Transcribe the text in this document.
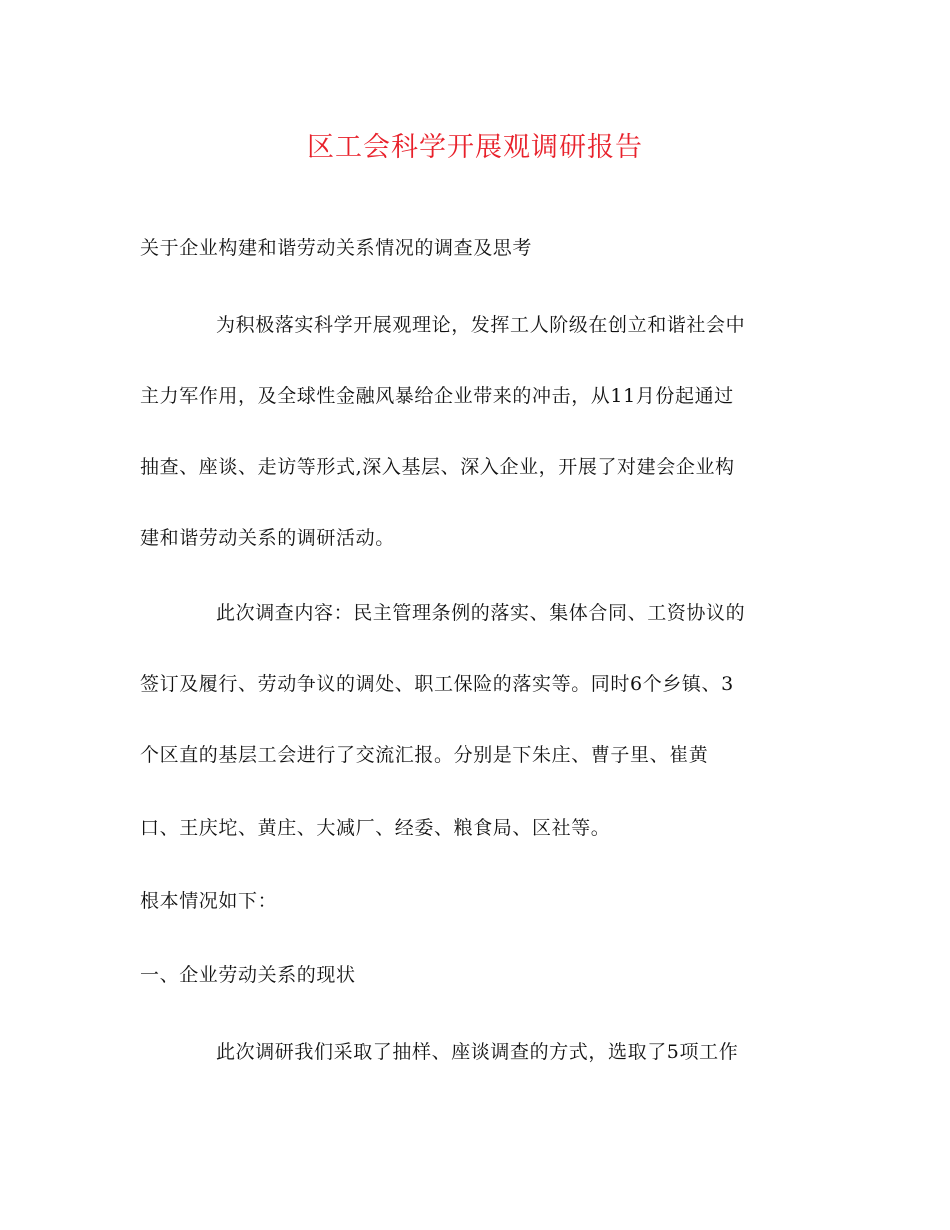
区工会科学开展观调研报告
关于企业构建和谐劳动关系情况的调查及思考
为积极落实科学开展观理论，发挥工人阶级在创立和谐社会中
主力军作用，及全球性金融风暴给企业带来的冲击，从11月份起通过
抽查、座谈、走访等形式,深入基层、深入企业，开展了对建会企业构
建和谐劳动关系的调研活动。
此次调查内容：民主管理条例的落实、集体合同、工资协议的
签订及履行、劳动争议的调处、职工保险的落实等。同时6个乡镇、3
个区直的基层工会进行了交流汇报。分别是下朱庄、曹子里、崔黄
口、王庆坨、黄庄、大减厂、经委、粮食局、区社等。
根本情况如下：
一、企业劳动关系的现状
此次调研我们采取了抽样、座谈调查的方式，选取了5项工作
